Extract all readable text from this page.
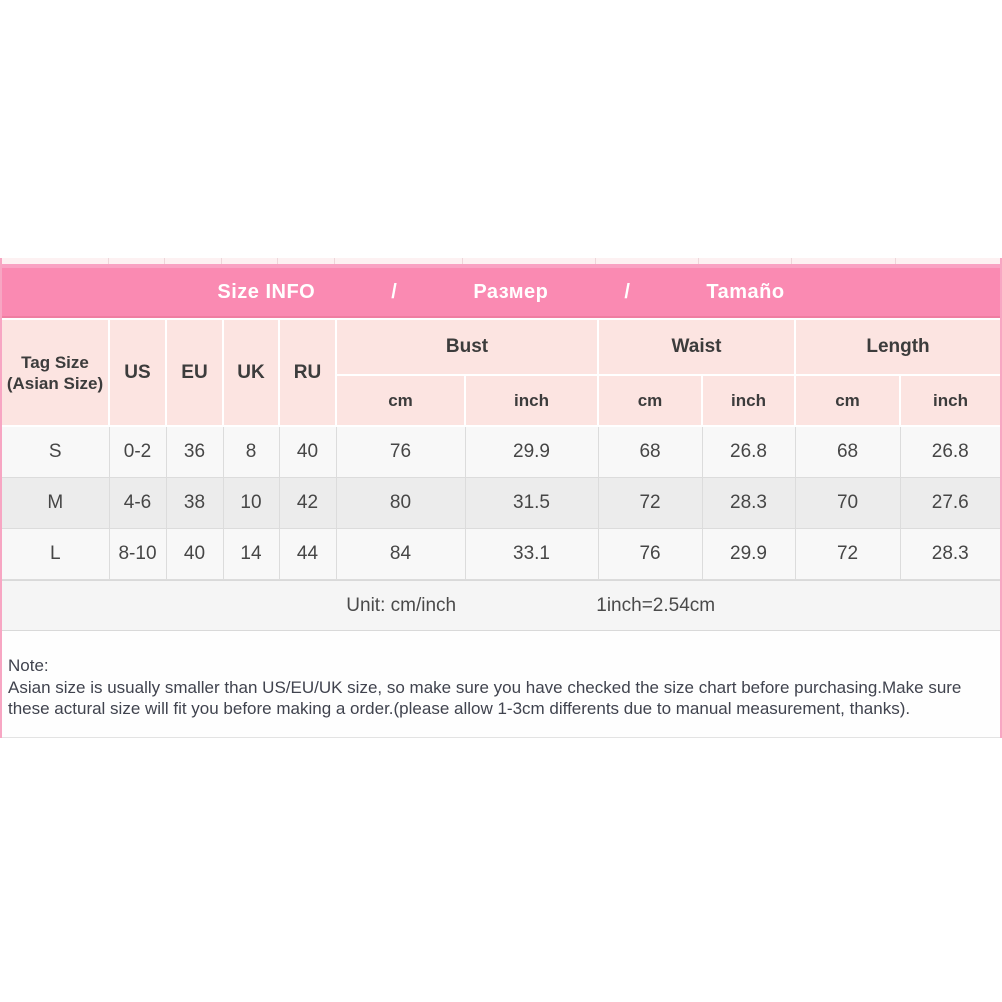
Size INFO	/	Размер	/	Tamaño
Tag Size
(Asian Size)	US	EU	UK	RU	Bust		Waist		Length	
					cm	inch	cm	inch	cm	inch
S	0-2	36	8	40	76	29.9	68	26.8	68	26.8
M	4-6	38	10	42	80	31.5	72	28.3	70	27.6
L	8-10	40	14	44	84	33.1	76	29.9	72	28.3
Unit: cm/inch	1inch=2.54cm

Note:

Asian size is usually smaller than US/EU/UK size, so make sure you have checked the size chart before purchasing.Make sure

these actural size will fit you before making a order.(please allow 1-3cm differents due to manual measurement, thanks).
